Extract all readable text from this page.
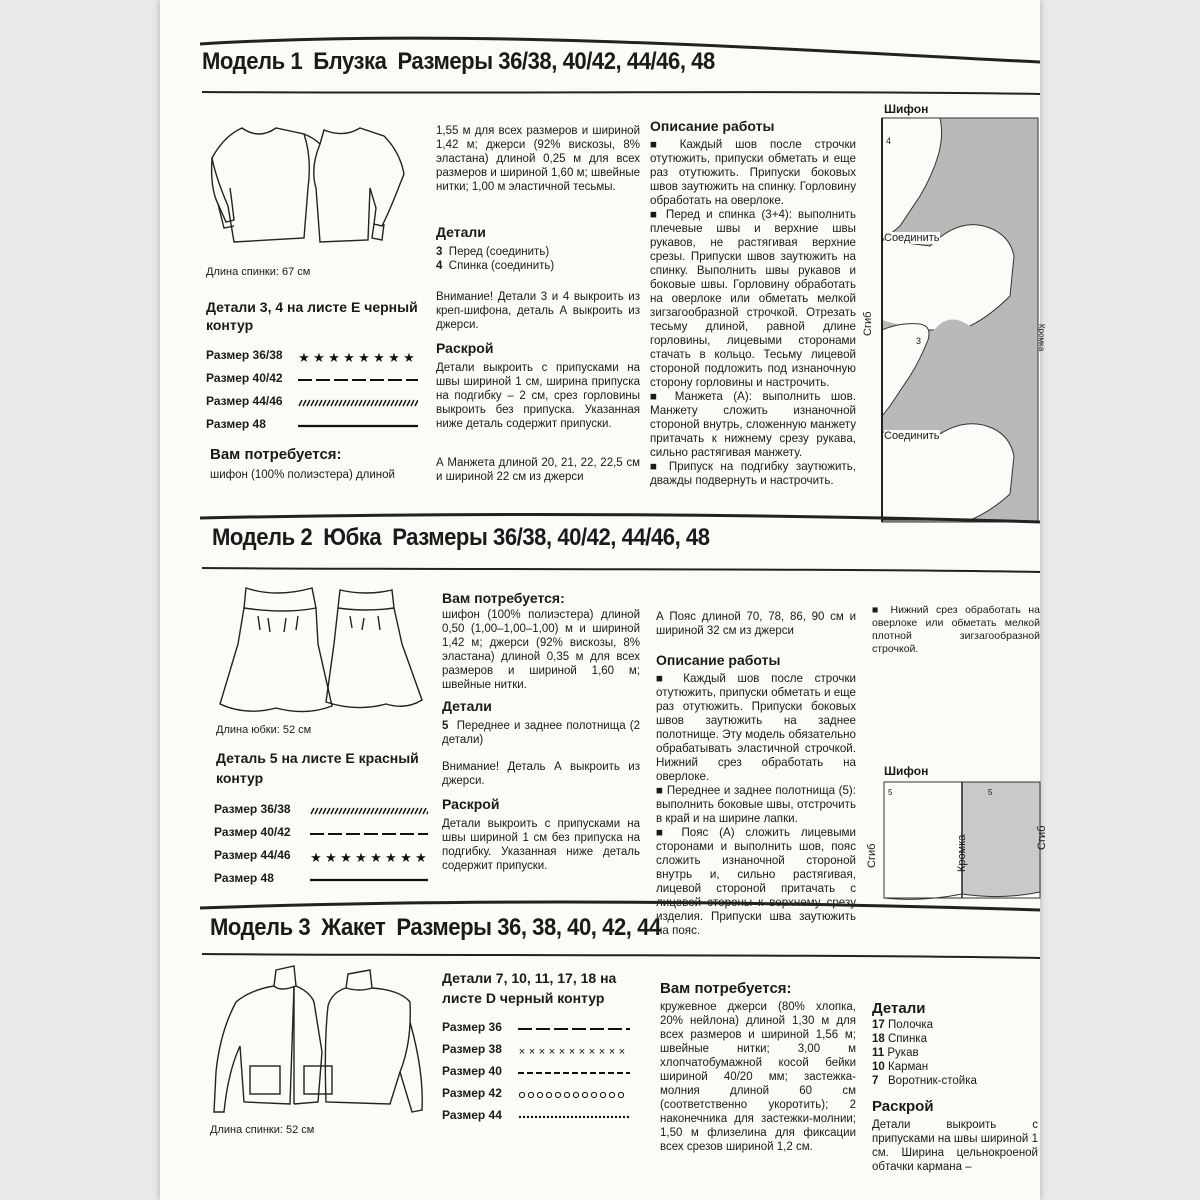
Модель 1 Блузка Размеры 36/38, 40/42, 44/46, 48
Длина спинки: 67 см
Детали 3, 4 на листе Е черный контур
Размер 36/38 ★ ★ ★ ★ ★ ★ ★ ★
Размер 40/42
Размер 44/46
Размер 48
Вам потребуется:
шифон (100% полиэстера) длиной
1,55 м для всех размеров и шириной 1,42 м; джерси (92% вискозы, 8% эластана) длиной 0,25 м для всех размеров и шириной 1,60 м; швейные нитки; 1,00 м эластичной тесьмы.
Детали
3 Перед (соединить)
4 Спинка (соединить)
Внимание! Детали 3 и 4 выкроить из креп-шифона, деталь А выкроить из джерси.
Раскрой
Детали выкроить с припусками на швы шириной 1 см, ширина припуска на подгибку – 2 см, срез горловины выкроить без припуска. Указанная ниже деталь содержит припуски.
А Манжета длиной 20, 21, 22, 22,5 см и шириной 22 см из джерси
Описание работы

■ Каждый шов после строчки отутюжить, припуски обметать и еще раз отутюжить. Припуски боковых швов заутюжить на спинку. Горловину обработать на оверлоке.

■ Перед и спинка (3+4): выполнить плечевые швы и верхние швы рукавов, не растягивая верхние срезы. Припуски швов заутюжить на спинку. Выполнить швы рукавов и боковые швы. Горловину обработать на оверлоке или обметать мелкой зигзагообразной строчкой. Отрезать тесьму длиной, равной длине горловины, лицевыми сторонами стачать в кольцо. Тесьму лицевой стороной подложить под изнаночную сторону горловины и настрочить.

■ Манжета (А): выполнить шов. Манжету сложить изнаночной стороной внутрь, сложенную манжету притачать к нижнему срезу рукава, сильно растягивая манжету.

■ Припуск на подгибку заутюжить, дважды подвернуть и настрочить.

Шифон
4
3
Соединить
Соединить
Сгиб
Кромка
Модель 2 Юбка Размеры 36/38, 40/42, 44/46, 48
Длина юбки: 52 см
Деталь 5 на листе Е красный контур
Размер 36/38
Размер 40/42
Размер 44/46 ★ ★ ★ ★ ★ ★ ★ ★
Размер 48
Вам потребуется:
шифон (100% полиэстера) длиной 0,50 (1,00–1,00–1,00) м и шириной 1,42 м; джерси (92% вискозы, 8% эластана) длиной 0,35 м для всех размеров и шириной 1,60 м; швейные нитки.
Детали
5 Переднее и заднее полотнища (2 детали)
Внимание! Деталь А выкроить из джерси.
Раскрой
Детали выкроить с припусками на швы шириной 1 см без припуска на подгибку. Указанная ниже деталь содержит припуски.
А Пояс длиной 70, 78, 86, 90 см и шириной 32 см из джерси
Описание работы

■ Каждый шов после строчки отутюжить, припуски обметать и еще раз отутюжить. Припуски боковых швов заутюжить на заднее полотнище. Эту модель обязательно обрабатывать эластичной строчкой. Нижний срез обработать на оверлоке.

■ Переднее и заднее полотнища (5): выполнить боковые швы, отстрочить в край и на ширине лапки.

■ Пояс (А) сложить лицевыми сторонами и выполнить шов, пояс сложить изнаночной стороной внутрь и, сильно растягивая, лицевой стороной притачать с лицевой стороны к верхнему срезу изделия. Припуски шва заутюжить на пояс.

■ Нижний срез обработать на оверлоке или обметать мелкой плотной зигзагообразной строчкой.
Шифон
5	5
Сгиб	Кромка	Сгиб
Модель 3 Жакет Размеры 36, 38, 40, 42, 44
Длина спинки: 52 см
Детали 7, 10, 11, 17, 18 на листе D черный контур
Размер 36
Размер 38 × × × × × × × × × × ×
Размер 40
Размер 42
Размер 44
Вам потребуется:
кружевное джерси (80% хлопка, 20% нейлона) длиной 1,30 м для всех размеров и шириной 1,56 м; швейные нитки; 3,00 м хлопчатобумажной косой бейки шириной 40/20 мм; застежка-молния длиной 60 см (соответственно укоротить); 2 наконечника для застежки-молнии; 1,50 м флизелина для фиксации всех срезов шириной 1,2 см.
Детали
17 Полочка
18 Спинка
11 Рукав
10 Карман
7 Воротник-стойка
Раскрой
Детали выкроить с припусками на швы шириной 1 см. Ширина цельнокроеной обтачки кармана –
